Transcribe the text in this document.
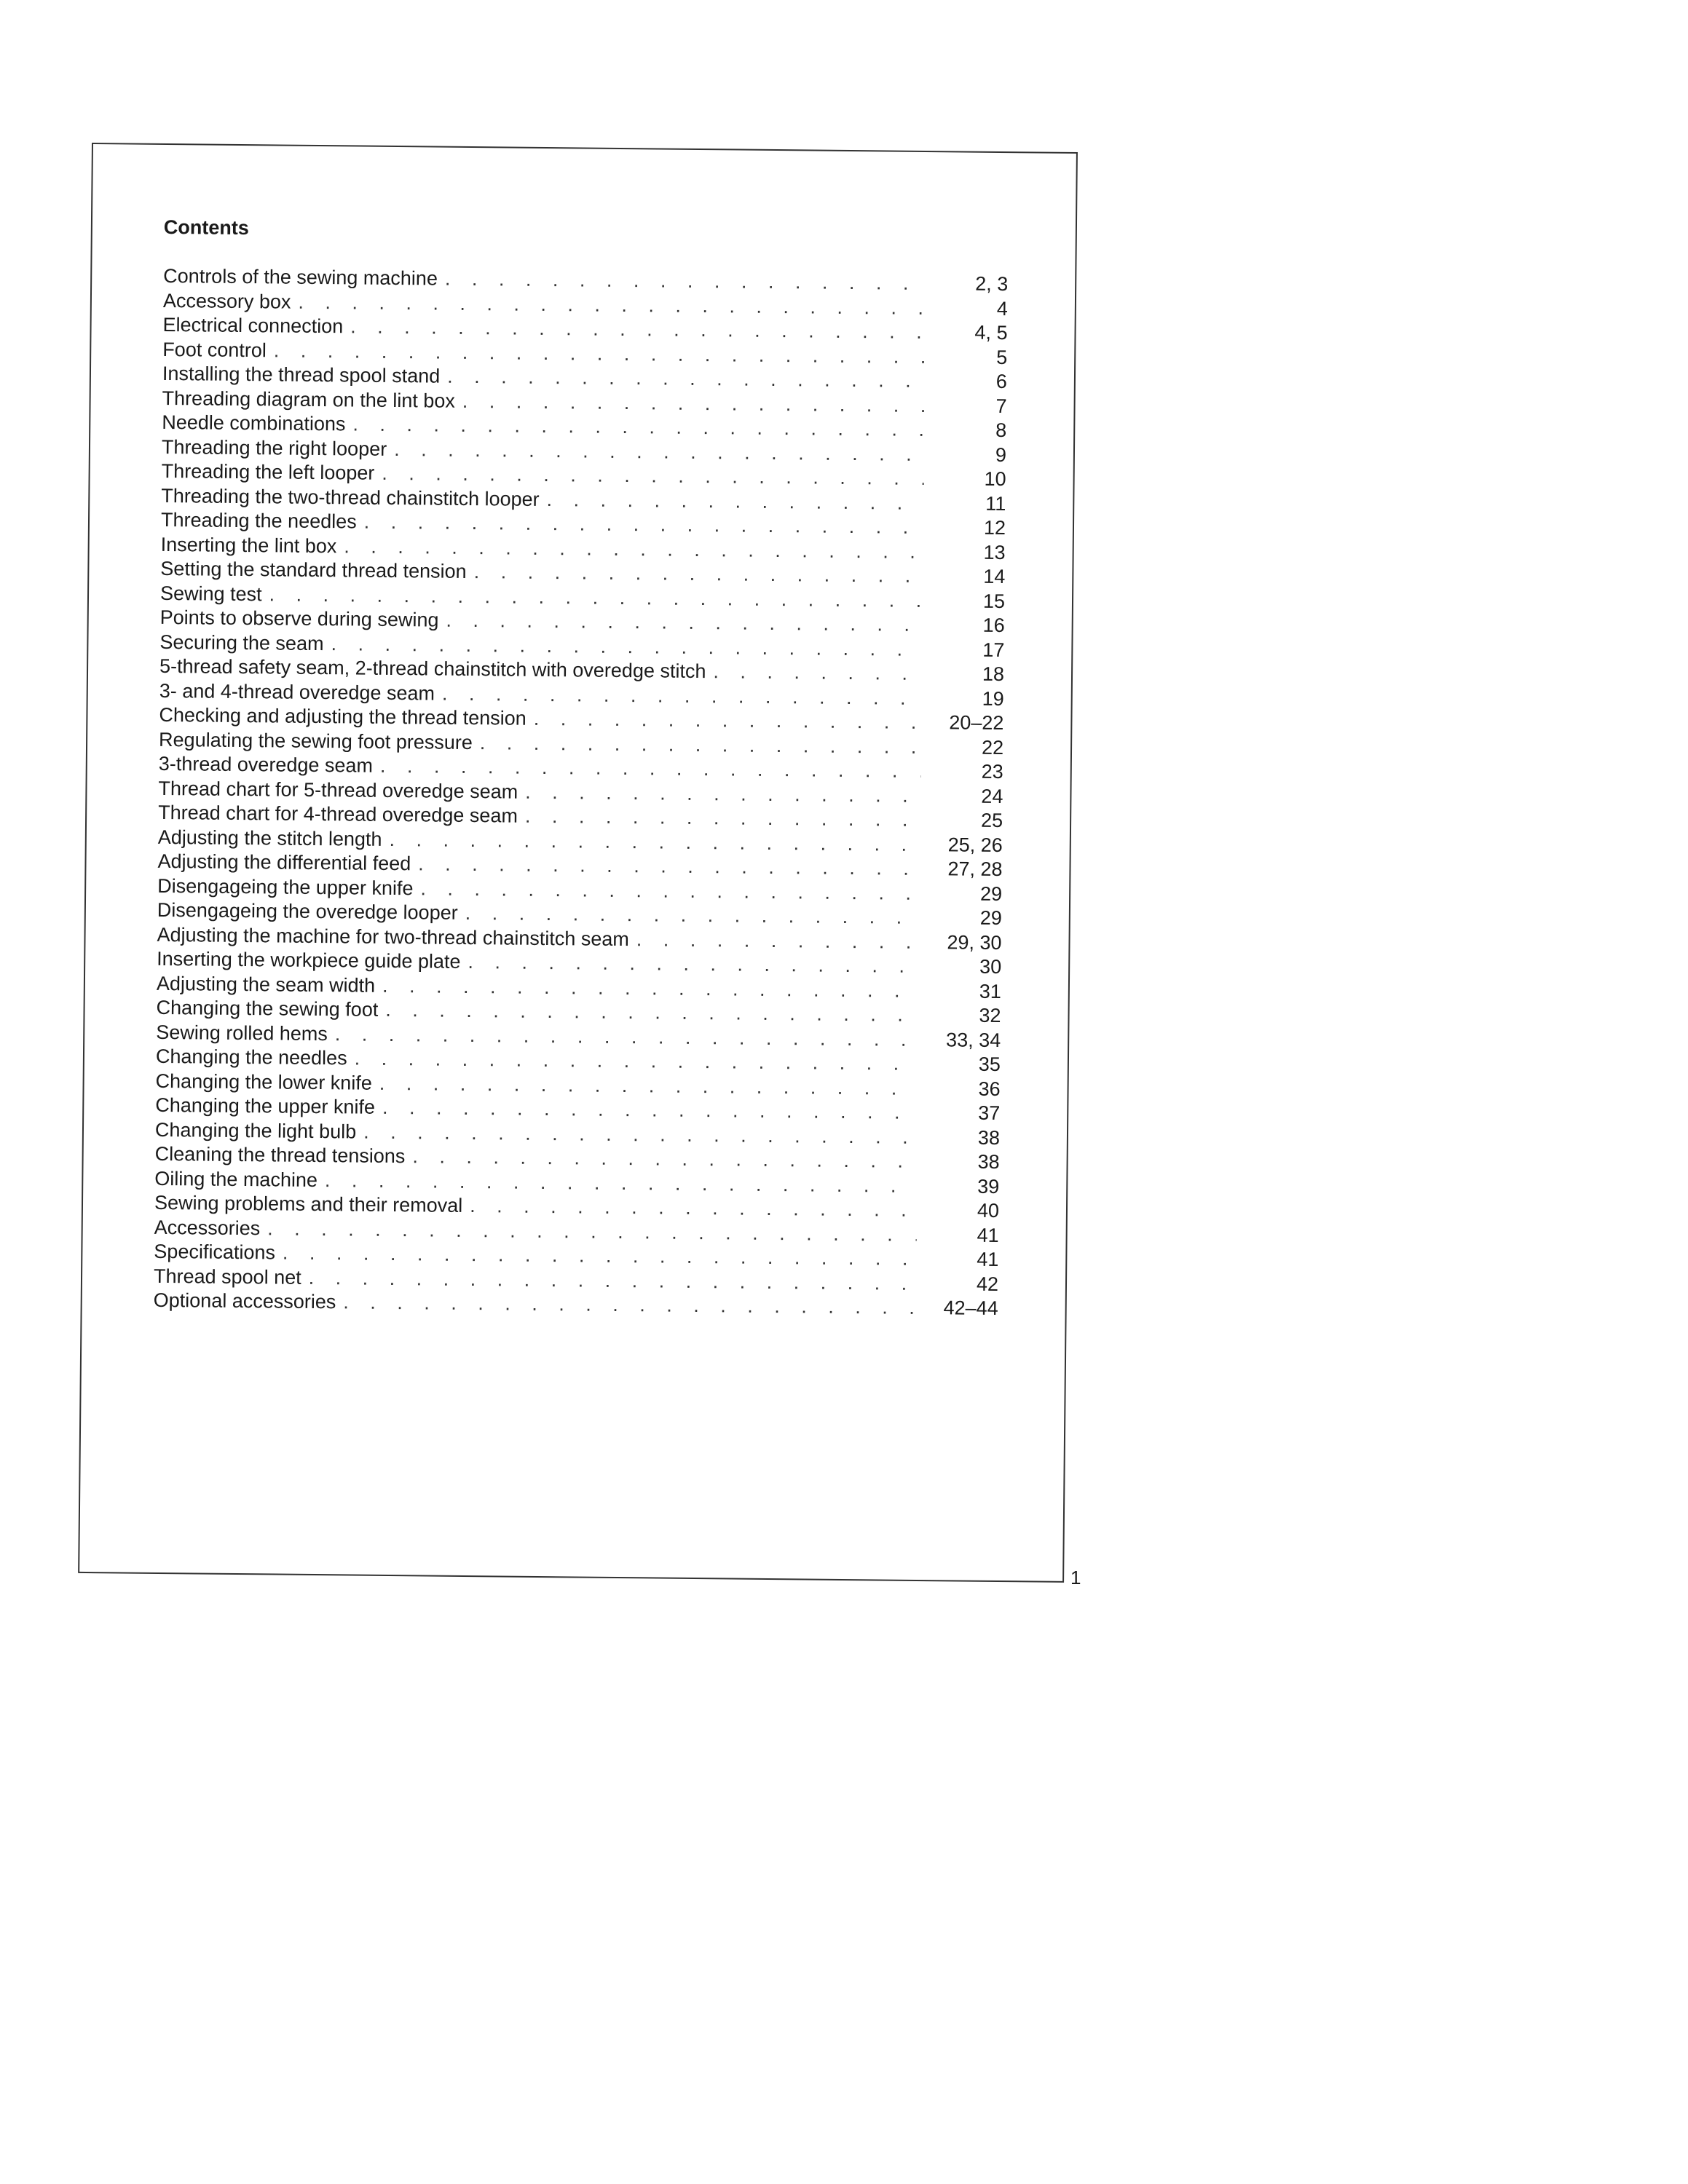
Contents
Controls of the sewing machine . . .	2, 3
Accessory box . . .	4
Electrical connection . . .	4, 5
Foot control . . .	5
Installing the thread spool stand . . .	6
Threading diagram on the lint box . . .	7
Needle combinations . . .	8
Threading the right looper . . .	9
Threading the left looper . . .	10
Threading the two-thread chainstitch looper . . .	11
Threading the needles . . .	12
Inserting the lint box . . .	13
Setting the standard thread tension . . .	14
Sewing test . . .	15
Points to observe during sewing . . .	16
Securing the seam . . .	17
5-thread safety seam, 2-thread chainstitch with overedge stitch . . .	18
3- and 4-thread overedge seam . . .	19
Checking and adjusting the thread tension . . .	20–22
Regulating the sewing foot pressure . . .	22
3-thread overedge seam . . .	23
Thread chart for 5-thread overedge seam . . .	24
Thread chart for 4-thread overedge seam . . .	25
Adjusting the stitch length . . .	25, 26
Adjusting the differential feed . . .	27, 28
Disengageing the upper knife . . .	29
Disengageing the overedge looper . . .	29
Adjusting the machine for two-thread chainstitch seam . . .	29, 30
Inserting the workpiece guide plate . . .	30
Adjusting the seam width . . .	31
Changing the sewing foot . . .	32
Sewing rolled hems . . .	33, 34
Changing the needles . . .	35
Changing the lower knife . . .	36
Changing the upper knife . . .	37
Changing the light bulb . . .	38
Cleaning the thread tensions . . .	38
Oiling the machine . . .	39
Sewing problems and their removal . . .	40
Accessories . . .	41
Specifications . . .	41
Thread spool net . . .	42
Optional accessories . . .	42–44
1
